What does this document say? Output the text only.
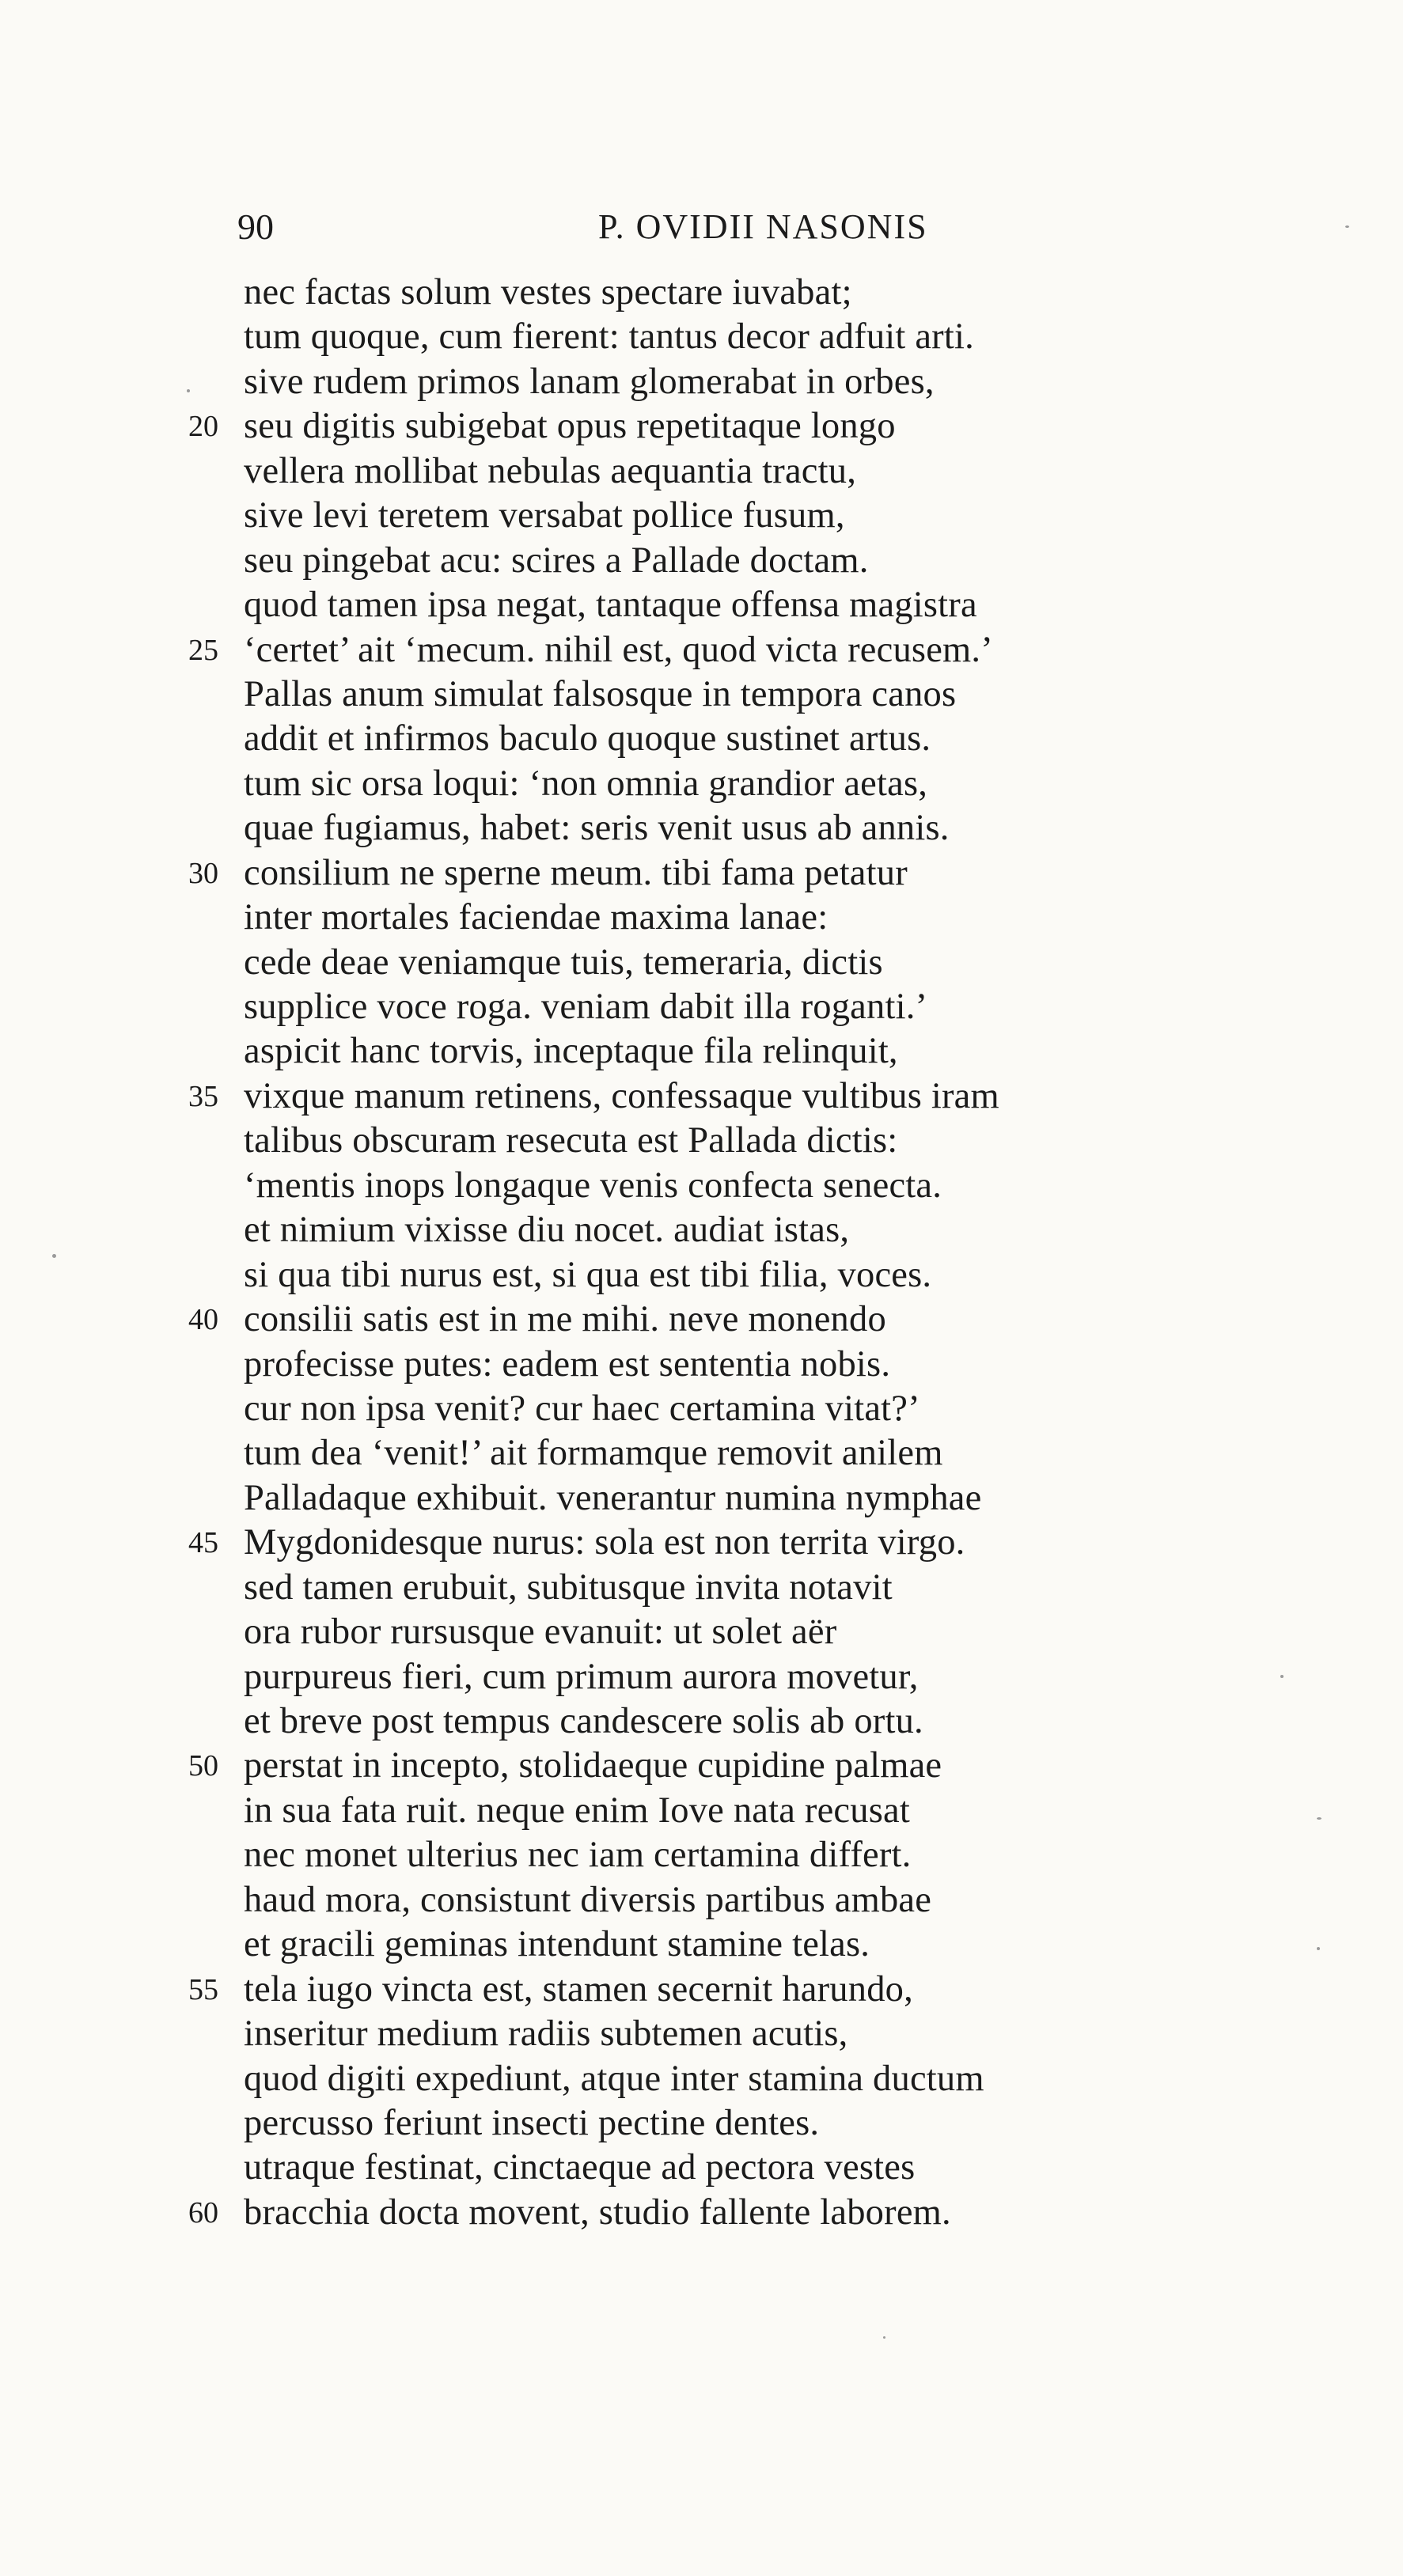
90	P. OVIDII NASONIS
nec factas solum vestes spectare iuvabat;
tum quoque, cum fierent: tantus decor adfuit arti.
sive rudem primos lanam glomerabat in orbes,
20 seu digitis subigebat opus repetitaque longo
vellera mollibat nebulas aequantia tractu,
sive levi teretem versabat pollice fusum,
seu pingebat acu: scires a Pallade doctam.
quod tamen ipsa negat, tantaque offensa magistra
25 ‘certet’ ait ‘mecum. nihil est, quod victa recusem.’
Pallas anum simulat falsosque in tempora canos
addit et infirmos baculo quoque sustinet artus.
tum sic orsa loqui: ‘non omnia grandior aetas,
quae fugiamus, habet: seris venit usus ab annis.
30 consilium ne sperne meum. tibi fama petatur
inter mortales faciendae maxima lanae:
cede deae veniamque tuis, temeraria, dictis
supplice voce roga. veniam dabit illa roganti.’
aspicit hanc torvis, inceptaque fila relinquit,
35 vixque manum retinens, confessaque vultibus iram
talibus obscuram resecuta est Pallada dictis:
‘mentis inops longaque venis confecta senecta.
et nimium vixisse diu nocet. audiat istas,
si qua tibi nurus est, si qua est tibi filia, voces.
40 consilii satis est in me mihi. neve monendo
profecisse putes: eadem est sententia nobis.
cur non ipsa venit? cur haec certamina vitat?’
tum dea ‘venit!’ ait formamque removit anilem
Palladaque exhibuit. venerantur numina nymphae
45 Mygdonidesque nurus: sola est non territa virgo.
sed tamen erubuit, subitusque invita notavit
ora rubor rursusque evanuit: ut solet aër
purpureus fieri, cum primum aurora movetur,
et breve post tempus candescere solis ab ortu.
50 perstat in incepto, stolidaeque cupidine palmae
in sua fata ruit. neque enim Iove nata recusat
nec monet ulterius nec iam certamina differt.
haud mora, consistunt diversis partibus ambae
et gracili geminas intendunt stamine telas.
55 tela iugo vincta est, stamen secernit harundo,
inseritur medium radiis subtemen acutis,
quod digiti expediunt, atque inter stamina ductum
percusso feriunt insecti pectine dentes.
utraque festinat, cinctaeque ad pectora vestes
60 bracchia docta movent, studio fallente laborem.
